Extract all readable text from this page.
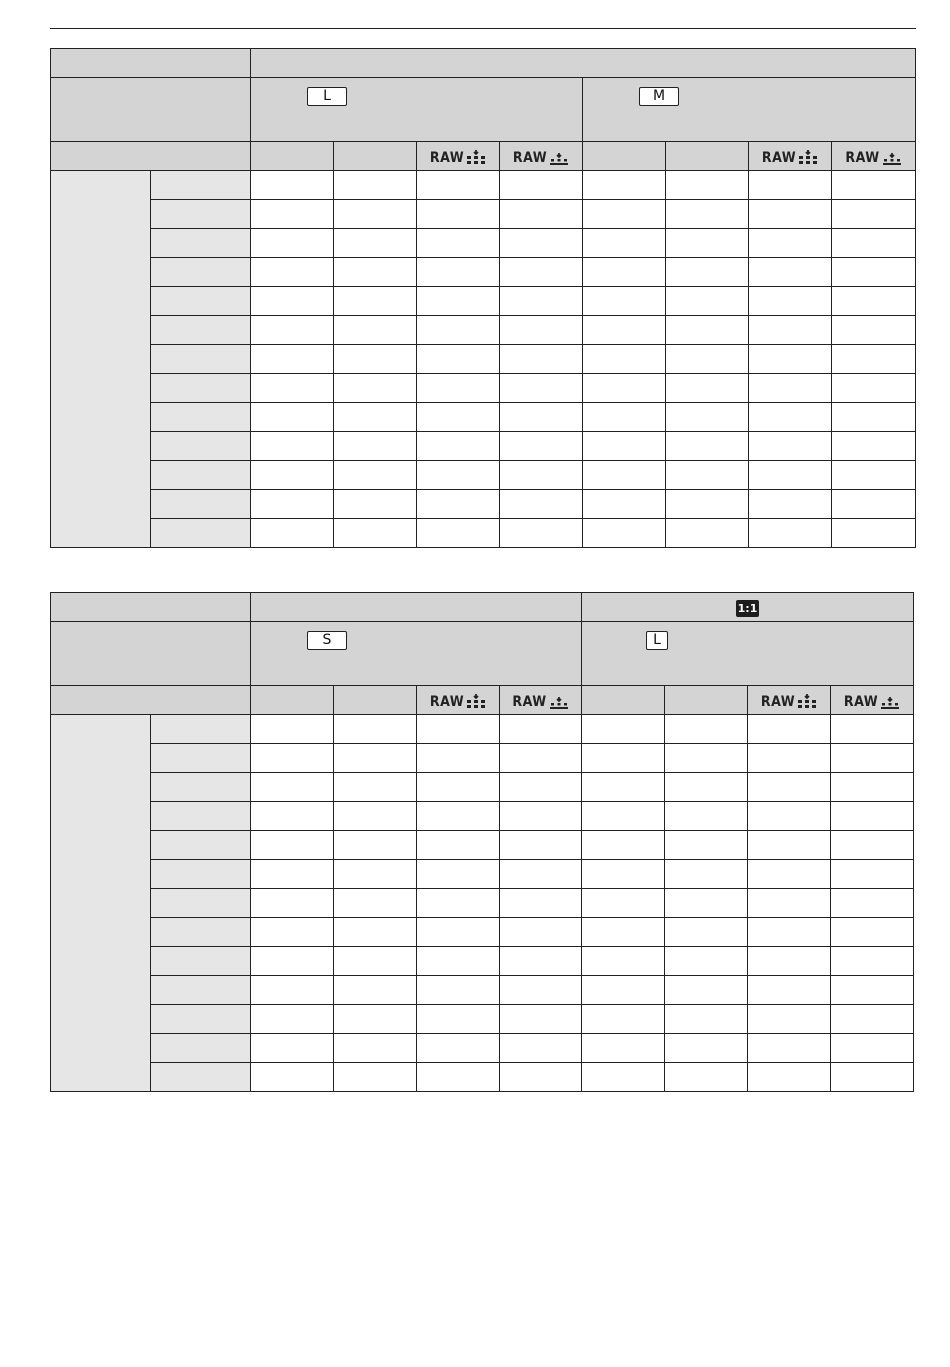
		L				M			

				RAW	RAW			RAW	RAW

						1:1			

		S				L			

				RAW	RAW			RAW	RAW
